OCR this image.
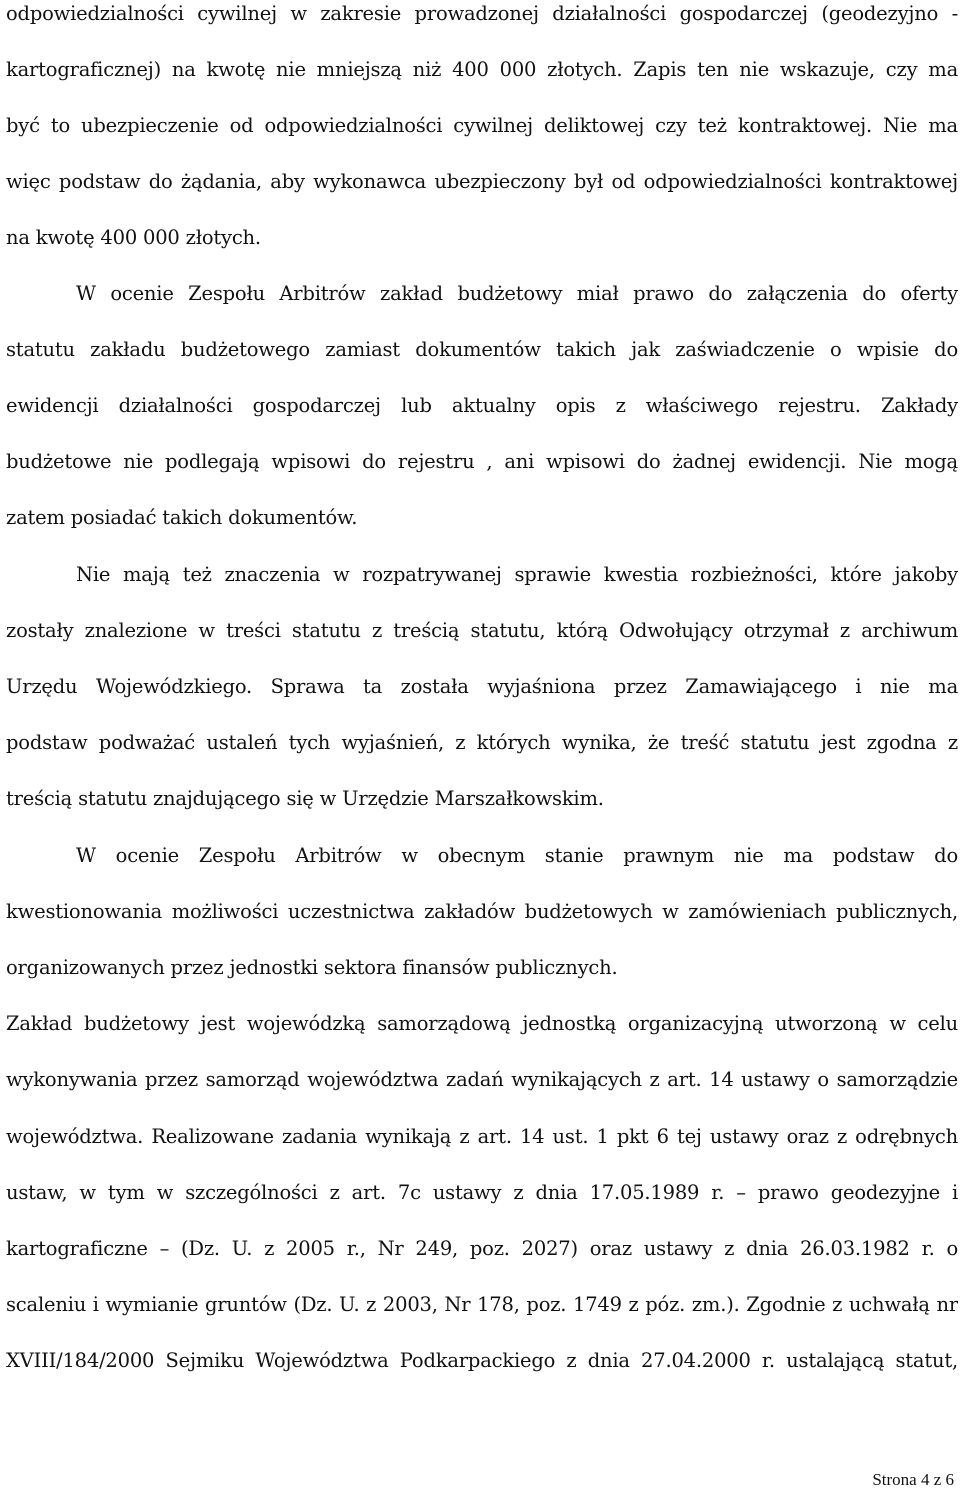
odpowiedzialności cywilnej w zakresie prowadzonej działalności gospodarczej (geodezyjno -
kartograficznej) na kwotę nie mniejszą niż 400 000 złotych. Zapis ten nie wskazuje, czy ma
być to ubezpieczenie od odpowiedzialności cywilnej deliktowej czy też kontraktowej. Nie ma
więc podstaw do żądania, aby wykonawca ubezpieczony był od odpowiedzialności kontraktowej
na kwotę 400 000 złotych.
W ocenie Zespołu Arbitrów zakład budżetowy miał prawo do załączenia do oferty
statutu zakładu budżetowego zamiast dokumentów takich jak zaświadczenie o wpisie do
ewidencji działalności gospodarczej lub aktualny opis z właściwego rejestru. Zakłady
budżetowe nie podlegają wpisowi do rejestru , ani wpisowi do żadnej ewidencji. Nie mogą
zatem posiadać takich dokumentów.
Nie mają też znaczenia w rozpatrywanej sprawie kwestia rozbieżności, które jakoby
zostały znalezione w treści statutu z treścią statutu, którą Odwołujący otrzymał z archiwum
Urzędu Wojewódzkiego. Sprawa ta została wyjaśniona przez Zamawiającego i nie ma
podstaw podważać ustaleń tych wyjaśnień, z których wynika, że treść statutu jest zgodna z
treścią statutu znajdującego się w Urzędzie Marszałkowskim.
W ocenie Zespołu Arbitrów w obecnym stanie prawnym nie ma podstaw do
kwestionowania możliwości uczestnictwa zakładów budżetowych w zamówieniach publicznych,
organizowanych przez jednostki sektora finansów publicznych.
Zakład budżetowy jest wojewódzką samorządową jednostką organizacyjną utworzoną w celu
wykonywania przez samorząd województwa zadań wynikających z art. 14 ustawy o samorządzie
województwa. Realizowane zadania wynikają z art. 14 ust. 1 pkt 6 tej ustawy oraz z odrębnych
ustaw, w tym w szczególności z art. 7c ustawy z dnia 17.05.1989 r. – prawo geodezyjne i
kartograficzne – (Dz. U. z 2005 r., Nr 249, poz. 2027) oraz ustawy z dnia 26.03.1982 r. o
scaleniu i wymianie gruntów (Dz. U. z 2003, Nr 178, poz. 1749 z póz. zm.). Zgodnie z uchwałą nr
XVIII/184/2000 Sejmiku Województwa Podkarpackiego z dnia 27.04.2000 r. ustalającą statut,
Strona 4 z 6
